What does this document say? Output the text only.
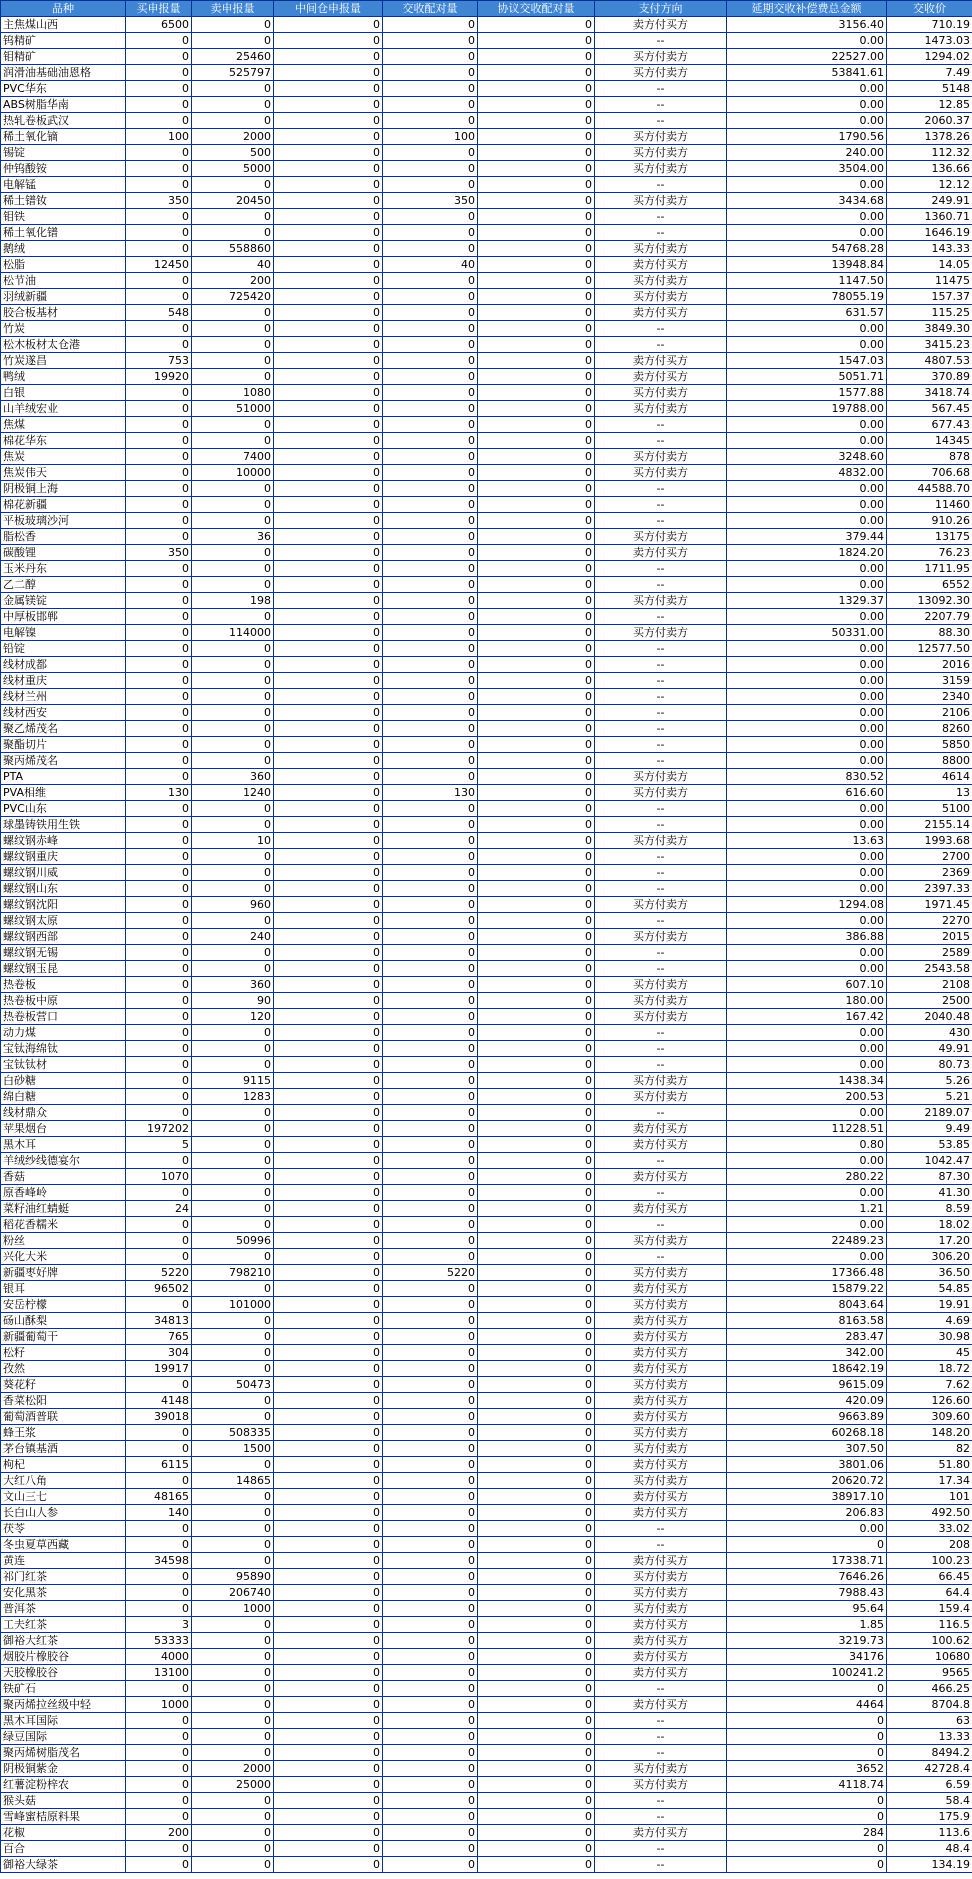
品种	买申报量	卖申报量	中间仓申报量	交收配对量	协议交收配对量	支付方向	延期交收补偿费总金额	交收价
主焦煤山西	6500	0	0	0	0	卖方付买方	3156.40	710.19
钨精矿	0	0	0	0	0	--	0.00	1473.03
钼精矿	0	25460	0	0	0	买方付卖方	22527.00	1294.02
润滑油基础油恩格	0	525797	0	0	0	买方付卖方	53841.61	7.49
PVC华东	0	0	0	0	0	--	0.00	5148
ABS树脂华南	0	0	0	0	0	--	0.00	12.85
热轧卷板武汉	0	0	0	0	0	--	0.00	2060.37
稀土氧化镝	100	2000	0	100	0	买方付卖方	1790.56	1378.26
锡锭	0	500	0	0	0	买方付卖方	240.00	112.32
仲钨酸铵	0	5000	0	0	0	买方付卖方	3504.00	136.66
电解锰	0	0	0	0	0	--	0.00	12.12
稀土镨钕	350	20450	0	350	0	买方付卖方	3434.68	249.91
钼铁	0	0	0	0	0	--	0.00	1360.71
稀土氧化镨	0	0	0	0	0	--	0.00	1646.19
鹅绒	0	558860	0	0	0	买方付卖方	54768.28	143.33
松脂	12450	40	0	40	0	卖方付买方	13948.84	14.05
松节油	0	200	0	0	0	买方付卖方	1147.50	11475
羽绒新疆	0	725420	0	0	0	买方付卖方	78055.19	157.37
胶合板基材	548	0	0	0	0	卖方付买方	631.57	115.25
竹炭	0	0	0	0	0	--	0.00	3849.30
松木板材太仓港	0	0	0	0	0	--	0.00	3415.23
竹炭遂昌	753	0	0	0	0	卖方付买方	1547.03	4807.53
鸭绒	19920	0	0	0	0	卖方付买方	5051.71	370.89
白银	0	1080	0	0	0	买方付卖方	1577.88	3418.74
山羊绒宏业	0	51000	0	0	0	买方付卖方	19788.00	567.45
焦煤	0	0	0	0	0	--	0.00	677.43
棉花华东	0	0	0	0	0	--	0.00	14345
焦炭	0	7400	0	0	0	买方付卖方	3248.60	878
焦炭伟天	0	10000	0	0	0	买方付卖方	4832.00	706.68
阴极铜上海	0	0	0	0	0	--	0.00	44588.70
棉花新疆	0	0	0	0	0	--	0.00	11460
平板玻璃沙河	0	0	0	0	0	--	0.00	910.26
脂松香	0	36	0	0	0	买方付卖方	379.44	13175
碳酸锂	350	0	0	0	0	卖方付买方	1824.20	76.23
玉米丹东	0	0	0	0	0	--	0.00	1711.95
乙二醇	0	0	0	0	0	--	0.00	6552
金属镁锭	0	198	0	0	0	买方付卖方	1329.37	13092.30
中厚板邯郸	0	0	0	0	0	--	0.00	2207.79
电解镍	0	114000	0	0	0	买方付卖方	50331.00	88.30
铅锭	0	0	0	0	0	--	0.00	12577.50
线材成都	0	0	0	0	0	--	0.00	2016
线材重庆	0	0	0	0	0	--	0.00	3159
线材兰州	0	0	0	0	0	--	0.00	2340
线材西安	0	0	0	0	0	--	0.00	2106
聚乙烯茂名	0	0	0	0	0	--	0.00	8260
聚酯切片	0	0	0	0	0	--	0.00	5850
聚丙烯茂名	0	0	0	0	0	--	0.00	8800
PTA	0	360	0	0	0	买方付卖方	830.52	4614
PVA相维	130	1240	0	130	0	买方付卖方	616.60	13
PVC山东	0	0	0	0	0	--	0.00	5100
球墨铸铁用生铁	0	0	0	0	0	--	0.00	2155.14
螺纹钢赤峰	0	10	0	0	0	买方付卖方	13.63	1993.68
螺纹钢重庆	0	0	0	0	0	--	0.00	2700
螺纹钢川威	0	0	0	0	0	--	0.00	2369
螺纹钢山东	0	0	0	0	0	--	0.00	2397.33
螺纹钢沈阳	0	960	0	0	0	买方付卖方	1294.08	1971.45
螺纹钢太原	0	0	0	0	0	--	0.00	2270
螺纹钢西部	0	240	0	0	0	买方付卖方	386.88	2015
螺纹钢无锡	0	0	0	0	0	--	0.00	2589
螺纹钢玉昆	0	0	0	0	0	--	0.00	2543.58
热卷板	0	360	0	0	0	买方付卖方	607.10	2108
热卷板中原	0	90	0	0	0	买方付卖方	180.00	2500
热卷板营口	0	120	0	0	0	买方付卖方	167.42	2040.48
动力煤	0	0	0	0	0	--	0.00	430
宝钛海绵钛	0	0	0	0	0	--	0.00	49.91
宝钛钛材	0	0	0	0	0	--	0.00	80.73
白砂糖	0	9115	0	0	0	买方付卖方	1438.34	5.26
绵白糖	0	1283	0	0	0	买方付卖方	200.53	5.21
线材鼎众	0	0	0	0	0	--	0.00	2189.07
苹果烟台	197202	0	0	0	0	卖方付买方	11228.51	9.49
黑木耳	5	0	0	0	0	卖方付买方	0.80	53.85
羊绒纱线德宴尔	0	0	0	0	0	--	0.00	1042.47
香菇	1070	0	0	0	0	卖方付买方	280.22	87.30
原香峰岭	0	0	0	0	0	--	0.00	41.30
菜籽油红蜻蜓	24	0	0	0	0	卖方付买方	1.21	8.59
稻花香糯米	0	0	0	0	0	--	0.00	18.02
粉丝	0	50996	0	0	0	买方付卖方	22489.23	17.20
兴化大米	0	0	0	0	0	--	0.00	306.20
新疆枣好牌	5220	798210	0	5220	0	买方付卖方	17366.48	36.50
银耳	96502	0	0	0	0	卖方付买方	15879.22	54.85
安岳柠檬	0	101000	0	0	0	买方付卖方	8043.64	19.91
砀山酥梨	34813	0	0	0	0	卖方付买方	8163.58	4.69
新疆葡萄干	765	0	0	0	0	卖方付买方	283.47	30.98
松籽	304	0	0	0	0	卖方付买方	342.00	45
孜然	19917	0	0	0	0	卖方付买方	18642.19	18.72
葵花籽	0	50473	0	0	0	买方付卖方	9615.09	7.62
香菜松阳	4148	0	0	0	0	卖方付买方	420.09	126.60
葡萄酒普联	39018	0	0	0	0	卖方付买方	9663.89	309.60
蜂王浆	0	508335	0	0	0	买方付卖方	60268.18	148.20
茅台镇基酒	0	1500	0	0	0	买方付卖方	307.50	82
枸杞	6115	0	0	0	0	卖方付买方	3801.06	51.80
大红八角	0	14865	0	0	0	买方付卖方	20620.72	17.34
文山三七	48165	0	0	0	0	卖方付买方	38917.10	101
长白山人参	140	0	0	0	0	卖方付买方	206.83	492.50
茯苓	0	0	0	0	0	--	0.00	33.02
冬虫夏草西藏	0	0	0	0	0	--	0	208
黄连	34598	0	0	0	0	卖方付买方	17338.71	100.23
祁门红茶	0	95890	0	0	0	买方付卖方	7646.26	66.45
安化黑茶	0	206740	0	0	0	买方付卖方	7988.43	64.4
普洱茶	0	1000	0	0	0	买方付卖方	95.64	159.4
工夫红茶	3	0	0	0	0	卖方付买方	1.85	116.5
御裕大红茶	53333	0	0	0	0	卖方付买方	3219.73	100.62
烟胶片橡胶谷	4000	0	0	0	0	卖方付买方	34176	10680
天胶橡胶谷	13100	0	0	0	0	卖方付买方	100241.2	9565
铁矿石	0	0	0	0	0	--	0	466.25
聚丙烯拉丝级中轻	1000	0	0	0	0	卖方付买方	4464	8704.8
黑木耳国际	0	0	0	0	0	--	0	63
绿豆国际	0	0	0	0	0	--	0	13.33
聚丙烯树脂茂名	0	0	0	0	0	--	0	8494.2
阴极铜紫金	0	2000	0	0	0	买方付卖方	3652	42728.4
红薯淀粉梓农	0	25000	0	0	0	买方付卖方	4118.74	6.59
猴头菇	0	0	0	0	0	--	0	58.4
雪峰蜜桔原料果	0	0	0	0	0	--	0	175.9
花椒	200	0	0	0	0	卖方付买方	284	113.6
百合	0	0	0	0	0	--	0	48.4
御裕大绿茶	0	0	0	0	0	--	0	134.19
